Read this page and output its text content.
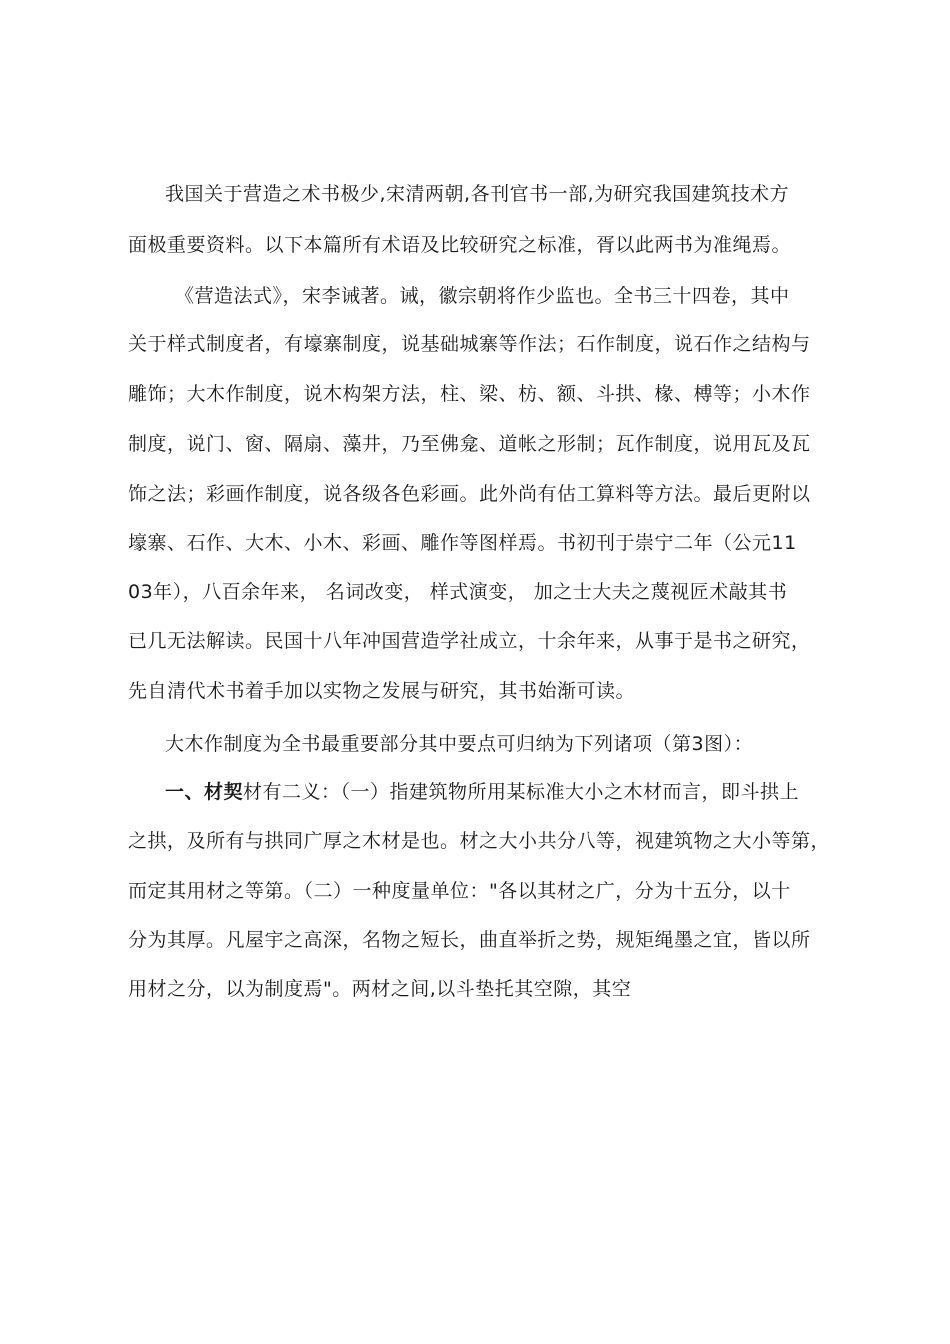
我国关于营造之术书极少,宋清两朝,各刊官书一部,为研究我国建筑技术方
面极重要资料。以下本篇所有术语及比较研究之标准，胥以此两书为准绳焉。
《营造法式》，宋李诫著。诫，徽宗朝将作少监也。全书三十四卷，其中
关于样式制度者，有壕寨制度，说基础城寨等作法；石作制度，说石作之结构与
雕饰；大木作制度，说木构架方法，柱、梁、枋、额、斗拱、椽、榑等；小木作
制度，说门、窗、隔扇、藻井，乃至佛龛、道帐之形制；瓦作制度，说用瓦及瓦
饰之法；彩画作制度，说各级各色彩画。此外尚有估工算料等方法。最后更附以
壕寨、石作、大木、小木、彩画、雕作等图样焉。书初刊于崇宁二年（公元11
03年），八百余年来， 名词改变， 样式演变， 加之士大夫之蔑视匠术敲其书
已几无法解读。民国十八年冲国营造学社成立，十余年来，从事于是书之研究，
先自清代术书着手加以实物之发展与研究，其书始渐可读。
大木作制度为全书最重要部分其中要点可归纳为下列诸项（第3图）：
一、材契材有二义：（一）指建筑物所用某标准大小之木材而言，即斗拱上
之拱，及所有与拱同广厚之木材是也。材之大小共分八等，视建筑物之大小等第，
而定其用材之等第。（二）一种度量单位："各以其材之广，分为十五分，以十
分为其厚。凡屋宇之高深，名物之短长，曲直举折之势，规矩绳墨之宜，皆以所
用材之分，以为制度焉"。两材之间,以斗垫托其空隙，其空
